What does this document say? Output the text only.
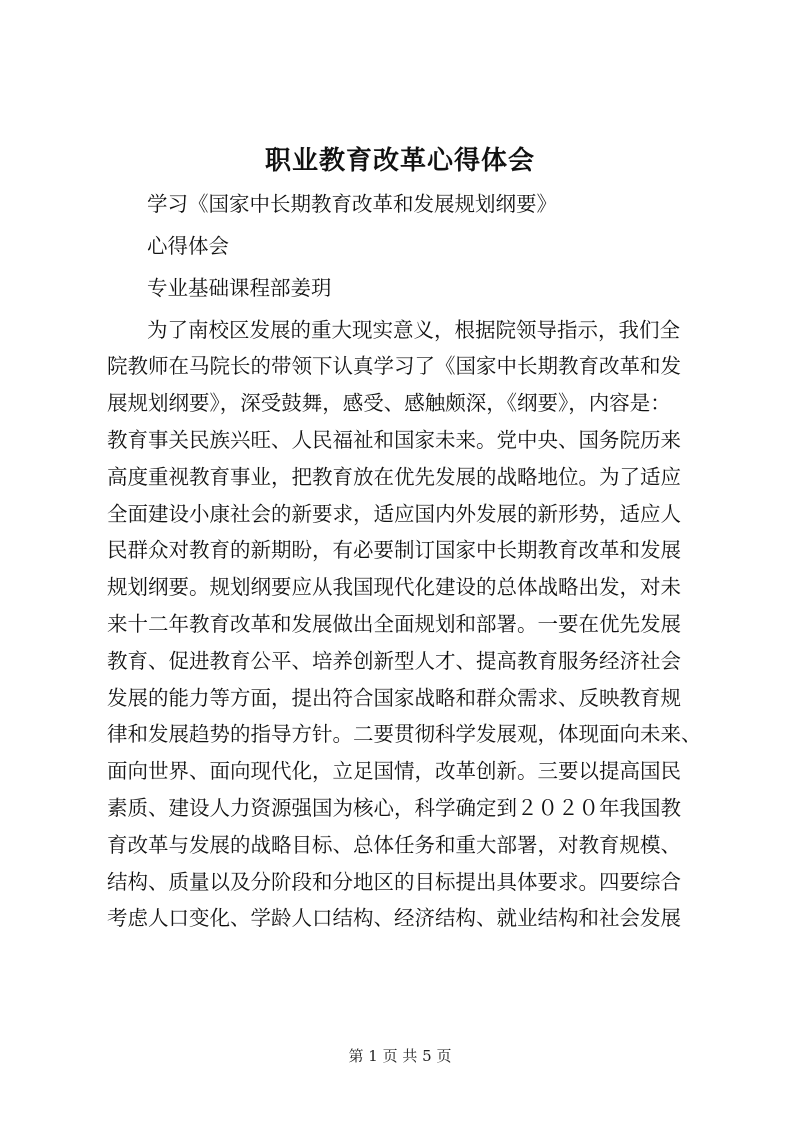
职业教育改革心得体会

学习《国家中长期教育改革和发展规划纲要》

心得体会

专业基础课程部姜玥

为了南校区发展的重大现实意义，根据院领导指示，我们全

院教师在马院长的带领下认真学习了《国家中长期教育改革和发

展规划纲要》，深受鼓舞，感受、感触颇深，《纲要》，内容是：

教育事关民族兴旺、人民福祉和国家未来。党中央、国务院历来

高度重视教育事业，把教育放在优先发展的战略地位。为了适应

全面建设小康社会的新要求，适应国内外发展的新形势，适应人

民群众对教育的新期盼，有必要制订国家中长期教育改革和发展

规划纲要。规划纲要应从我国现代化建设的总体战略出发，对未

来十二年教育改革和发展做出全面规划和部署。一要在优先发展

教育、促进教育公平、培养创新型人才、提高教育服务经济社会

发展的能力等方面，提出符合国家战略和群众需求、反映教育规

律和发展趋势的指导方针。二要贯彻科学发展观，体现面向未来、

面向世界、面向现代化，立足国情，改革创新。三要以提高国民

素质、建设人力资源强国为核心，科学确定到２０２０年我国教

育改革与发展的战略目标、总体任务和重大部署，对教育规模、

结构、质量以及分阶段和分地区的目标提出具体要求。四要综合

考虑人口变化、学龄人口结构、经济结构、就业结构和社会发展

第 1 页 共 5 页
